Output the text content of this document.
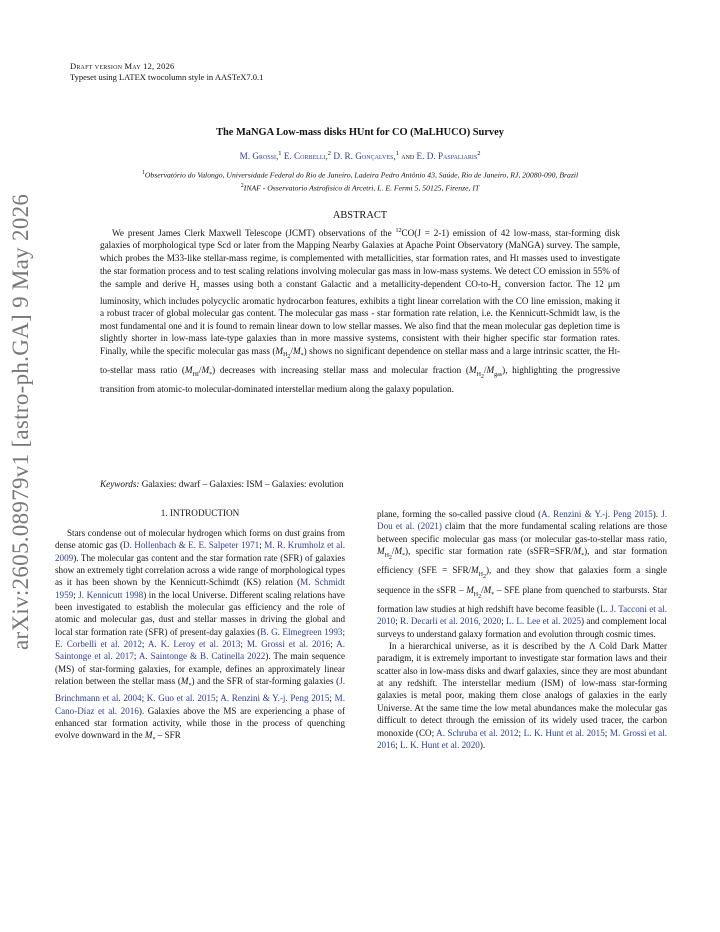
Draft version May 12, 2026
Typeset using LATEX twocolumn style in AASTeX7.0.1
arXiv:2605.08979v1 [astro-ph.GA] 9 May 2026
The MaNGA Low-mass disks HUnt for CO (MaLHUCO) Survey
M. Grossi,$^1$ E. Corbelli,$^2$ D. R. Gonçalves,$^1$ and E. D. Paspaliaris$^2$
$^1$Observatório do Valongo, Universidade Federal do Rio de Janeiro, Ladeira Pedro Antônio 43, Saúde, Rio de Janeiro, RJ, 20080-090, Brazil
$^2$INAF - Osservatorio Astrofisico di Arcetri, L. E. Fermi 5, 50125, Firenze, IT
ABSTRACT

We present James Clerk Maxwell Telescope (JCMT) observations of the $^{12}$CO(J = 2-1) emission of 42 low-mass, star-forming disk galaxies of morphological type Scd or later from the Mapping Nearby Galaxies at Apache Point Observatory (MaNGA) survey. The sample, which probes the M33-like stellar-mass regime, is complemented with metallicities, star formation rates, and HI masses used to investigate the star formation process and to test scaling relations involving molecular gas mass in low-mass systems. We detect CO emission in 55% of the sample and derive $H_2$ masses using both a constant Galactic and a metallicity-dependent $CO-to-H_2$ conversion factor. The 12 μm luminosity, which includes polycyclic aromatic hydrocarbon features, exhibits a tight linear correlation with the CO line emission, making it a robust tracer of global molecular gas content. The molecular gas mass - star formation rate relation, i.e. the Kennicutt-Schmidt law, is the most fundamental one and it is found to remain linear down to low stellar masses. We also find that the mean molecular gas depletion time is slightly shorter in low-mass late-type galaxies than in more massive systems, consistent with their higher specific star formation rates. Finally, while the specific molecular gas mass $(M_{H_2}/M_*)$ shows no significant dependence on stellar mass and a large intrinsic scatter, the HI-to-stellar mass ratio $(M_{HI}/M_*)$ decreases with increasing stellar mass and molecular fraction $(M_{H_2}/M_{gas})$, highlighting the progressive transition from atomic-to molecular-dominated interstellar medium along the galaxy population.

Keywords: Galaxies: dwarf – Galaxies: ISM – Galaxies: evolution
1. INTRODUCTION

Stars condense out of molecular hydrogen which forms on dust grains from dense atomic gas (D. Hollenbach & E. E. Salpeter 1971; M. R. Krumholz et al. 2009). The molecular gas content and the star formation rate (SFR) of galaxies show an extremely tight correlation across a wide range of morphological types as it has been shown by the Kennicutt-Schimdt (KS) relation (M. Schmidt 1959; J. Kennicutt 1998) in the local Universe. Different scaling relations have been investigated to establish the molecular gas efficiency and the role of atomic and molecular gas, dust and stellar masses in driving the global and local star formation rate (SFR) of present-day galaxies (B. G. Elmegreen 1993; E. Corbelli et al. 2012; A. K. Leroy et al. 2013; M. Grossi et al. 2016; A. Saintonge et al. 2017; A. Saintonge & B. Catinella 2022). The main sequence (MS) of star-forming galaxies, for example, defines an approximately linear relation between the stellar mass $(M_*)$ and the SFR of star-forming galaxies (J. Brinchmann et al. 2004; K. Guo et al. 2015; A. Renzini & Y.-j. Peng 2015; M. Cano-Díaz et al. 2016). Galaxies above the MS are experiencing a phase of enhanced star formation activity, while those in the process of quenching evolve downward in the $M_*$ – SFR

plane, forming the so-called passive cloud (A. Renzini & Y.-j. Peng 2015). J. Dou et al. (2021) claim that the more fundamental scaling relations are those between specific molecular gas mass (or molecular gas-to-stellar mass ratio, $M_{H_2}/M_*$), specific star formation rate $(sSFR=SFR/M_*)$, and star formation efficiency (SFE = SFR/$M_{H_2}$), and they show that galaxies form a single sequence in the sSFR – $M_{H_2}/M_*$ – SFE plane from quenched to starbursts. Star formation law studies at high redshift have become feasible (L. J. Tacconi et al. 2010; R. Decarli et al. 2016, 2020; L. L. Lee et al. 2025) and complement local surveys to understand galaxy formation and evolution through cosmic times.

In a hierarchical universe, as it is described by the Λ Cold Dark Matter paradigm, it is extremely important to investigate star formation laws and their scatter also in low-mass disks and dwarf galaxies, since they are most abundant at any redshift. The interstellar medium (ISM) of low-mass star-forming galaxies is metal poor, making them close analogs of galaxies in the early Universe. At the same time the low metal abundances make the molecular gas difficult to detect through the emission of its widely used tracer, the carbon monoxide (CO; A. Schruba et al. 2012; L. K. Hunt et al. 2015; M. Grossi et al. 2016; L. K. Hunt et al. 2020).
